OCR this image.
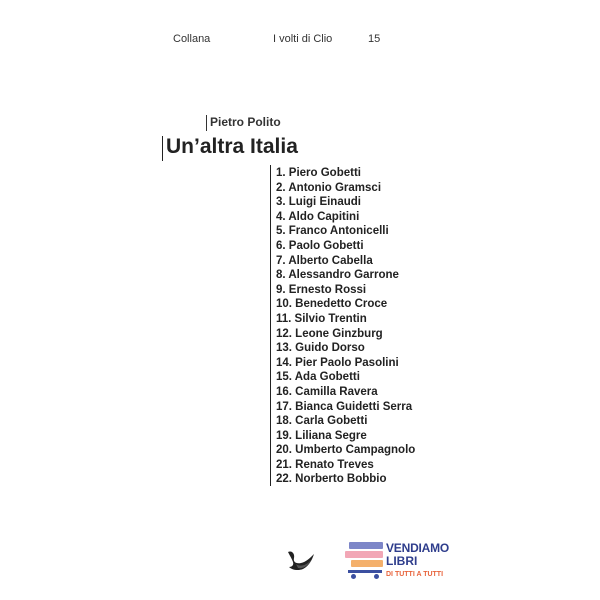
Collana	I volti di Clio	15
Pietro Polito
Un’altra Italia
1. Piero Gobetti
2. Antonio Gramsci
3. Luigi Einaudi
4. Aldo Capitini
5. Franco Antonicelli
6. Paolo Gobetti
7. Alberto Cabella
8. Alessandro Garrone
9. Ernesto Rossi
10. Benedetto Croce
11. Silvio Trentin
12. Leone Ginzburg
13. Guido Dorso
14. Pier Paolo Pasolini
15. Ada Gobetti
16. Camilla Ravera
17. Bianca Guidetti Serra
18. Carla Gobetti
19. Liliana Segre
20. Umberto Campagnolo
21. Renato Treves
22. Norberto Bobbio
VENDIAMO
LIBRI
DI TUTTI A TUTTI
